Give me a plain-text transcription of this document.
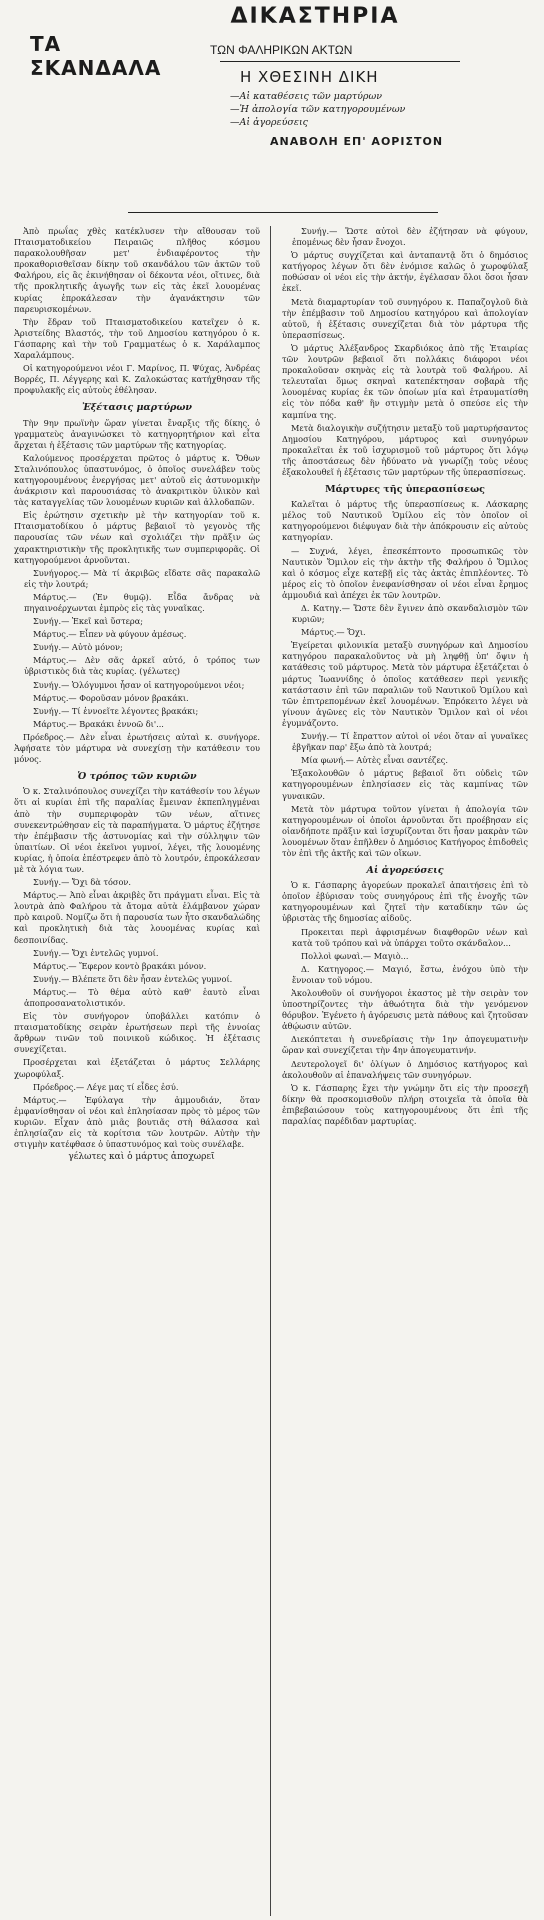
ΔΙΚΑΣΤΗΡΙΑ
ΤΑ ΣΚΑΝΔΑΛΑ
ΤΩΝ ΦΑΛΗΡΙΚΩΝ ΑΚΤΩΝ
Η ΧΘΕΣΙΝΗ ΔΙΚΗ
—Αἱ καταθέσεις τῶν μαρτύρων
—Ἡ ἀπολογία τῶν κατηγορουμένων
—Αἱ ἀγορεύσεις
ΑΝΑΒΟΛΗ ΕΠ' ΑΟΡΙΣΤΟΝ

Ἀπὸ πρωΐας χθὲς κατέκλυσεν τὴν αἴθουσαν τοῦ Πταισματοδικείου Πειραιῶς πλῆθος κόσμου παρακολουθῆσαν μετ' ἐνδιαφέροντος τὴν προκαθορισθεῖσαν δίκην τοῦ σκανδάλου τῶν ἀκτῶν τοῦ Φαλήρου, εἰς ἃς ἐκινήθησαν οἱ δέκοντα νέοι, οἵτινες, διὰ τῆς προκλητικῆς ἀγωγῆς των εἰς τὰς ἐκεῖ λουομένας κυρίας ἐπροκάλεσαν τὴν ἀγανάκτησιν τῶν παρευρισκομένων.

Τὴν ἕδραν τοῦ Πταισματοδικείου κατεῖχεν ὁ κ. Ἀριστείδης Βλαστός, τὴν τοῦ Δημοσίου κατηγόρου ὁ κ. Γάσπαρης καὶ τὴν τοῦ Γραμματέως ὁ κ. Χαράλαμπος Χαραλάμπους.

Οἱ κατηγορούμενοι νέοι Γ. Μαρίνος, Π. Ψύχας, Ἀνδρέας Βορρές, Π. Λέγγερης καὶ Κ. Ζαλοκώστας κατήχθησαν τῆς προφυλακῆς εἰς αὐτοὺς ἐθέλησαν.

Ἐξέτασις μαρτύρων

Τὴν 9ην πρωϊνὴν ὥραν γίνεται ἔναρξις τῆς δίκης. ὁ γραμματεὺς ἀναγινώσκει τὸ κατηγορητήριον καὶ εἶτα ἄρχεται ἡ ἐξέτασις τῶν μαρτύρων τῆς κατηγορίας.

Καλούμενος προσέρχεται πρῶτος ὁ μάρτυς κ. Ὄθων Σταλινόπουλος ὑπαστυνόμος, ὁ ὁποῖος συνελάβεν τοὺς κατηγορουμένους ἐνεργήσας μετ' αὐτοῦ εἰς ἀστυνομικὴν ἀνάκρισιν καὶ παρουσιάσας τὸ ἀνακριτικὸν ὑλικὸν καὶ τὰς καταγγελίας τῶν λουομένων κυριῶν καὶ ἀλλοδαπῶν.

Εἰς ἐρώτησιν σχετικὴν μὲ τὴν κατηγορίαν τοῦ κ. Πταισματοδίκου ὁ μάρτυς βεβαιοῖ τὸ γεγονὸς τῆς παρουσίας τῶν νέων καὶ σχολιάζει τὴν πρᾶξιν ὡς χαρακτηριστικὴν τῆς προκλητικῆς των συμπεριφορᾶς. Οἱ κατηγορούμενοι ἀρνοῦνται.

Συνήγορος.— Μὰ τί ἀκριβῶς εἴδατε σᾶς παρακαλῶ εἰς τὴν λουτρά;

Μάρτυς.— (Ἐν θυμῷ). Εἶδα ἄνδρας νὰ πηγαινοέρχωνται ἐμπρὸς εἰς τὰς γυναῖκας.

Συνήγ.— Ἐκεῖ καὶ ὕστερα;

Μάρτυς.— Εἶπεν νὰ φύγουν ἀμέσως.

Συνήγ.— Αὐτὸ μόνον;

Μάρτυς.— Δὲν σᾶς ἀρκεῖ αὐτό, ὁ τρόπος των ὑβριστικὸς διὰ τὰς κυρίας. (γέλωτες)

Συνήγ.— Ὁλόγυμνοι ἦσαν οἱ κατηγορούμενοι νέοι;

Μάρτυς.— Φοροῦσαν μόνον βρακάκι.

Συνήγ.— Τί ἐννοεῖτε λέγοντες βρακάκι;

Μάρτυς.— Βρακάκι ἐννοῶ δι'...

Πρόεδρος.— Δὲν εἶναι ἐρωτήσεις αὐταὶ κ. συνήγορε. Ἀφήσατε τὸν μάρτυρα νὰ συνεχίσῃ τὴν κατάθεσιν του μόνος.

Ὁ τρόπος τῶν κυριῶν

Ὁ κ. Σταλινόπουλος συνεχίζει τὴν κατάθεσίν του λέγων ὅτι αἱ κυρίαι ἐπὶ τῆς παραλίας ἔμειναν ἐκπεπληγμέναι ἀπὸ τὴν συμπεριφορὰν τῶν νέων, αἵτινες συνεκεντρώθησαν εἰς τὰ παραπήγματα. Ὁ μάρτυς ἐζήτησε τὴν ἐπέμβασιν τῆς ἀστυνομίας καὶ τὴν σύλληψιν τῶν ὑπαιτίων. Οἱ νέοι ἐκεῖνοι γυμνοί, λέγει, τῆς λουομένης κυρίας, ἡ ὁποία ἐπέστρεφεν ἀπὸ τὸ λουτρόν, ἐπροκάλεσαν μὲ τὰ λόγια των.

Συνήγ.— Ὄχι δὰ τόσον.

Μάρτυς.— Ἀπὸ εἶναι ἀκριβὲς ὅτι πράγματι εἶναι. Εἰς τὰ λουτρὰ ἀπὸ Φαλήρου τὰ ἄτομα αὐτὰ ἐλάμβανον χώραν πρὸ καιροῦ. Νομίζω ὅτι ἡ παρουσία των ἦτο σκανδαλώδης καὶ προκλητικὴ διὰ τὰς λουομένας κυρίας καὶ δεσποινίδας.

Συνήγ.— Ὄχι ἐντελῶς γυμνοί.

Μάρτυς.— Ἔφερον κοντὸ βρακάκι μόνον.

Συνήγ.— Βλέπετε ὅτι δὲν ἦσαν ἐντελῶς γυμνοί.

Μάρτυς.— Τὸ θέμα αὐτὸ καθ' ἑαυτὸ εἶναι ἀποπροσανατολιστικόν.

Εἰς τὸν συνήγορον ὑποβάλλει κατόπιν ὁ πταισματοδίκης σειρὰν ἐρωτήσεων περὶ τῆς ἐννοίας ἄρθρων τινῶν τοῦ ποινικοῦ κώδικος. Ἡ ἐξέτασις συνεχίζεται.

Προσέρχεται καὶ ἐξετάζεται ὁ μάρτυς Σελλάρης χωροφύλαξ.

Πρόεδρος.— Λέγε μας τί εἶδες ἐσύ.

Μάρτυς.— Ἐφύλαγα τὴν ἀμμουδιάν, ὅταν ἐμφανίσθησαν οἱ νέοι καὶ ἐπλησίασαν πρὸς τὸ μέρος τῶν κυριῶν. Εἶχαν ἀπὸ μιᾶς βουτιᾶς στὴ θάλασσα καὶ ἐπλησίαζαν εἰς τὰ κορίτσια τῶν λουτρῶν. Αὐτὴν τὴν στιγμὴν κατέφθασε ὁ ὑπαστυνόμος καὶ τοὺς συνέλαβε.

γέλωτες καὶ ὁ μάρτυς ἀποχωρεῖ

Συνήγ.— Ὥστε αὐτοὶ δὲν ἐζήτησαν νὰ φύγουν, ἐπομένως δὲν ἦσαν ἔνοχοι.

Ὁ μάρτυς συγχίζεται καὶ ἀνταπαντᾷ ὅτι ὁ δημόσιος κατήγορος λέγων ὅτι δὲν ἐνόμισε καλῶς ὁ χωροφύλαξ ποθώσαν οἱ νέοι εἰς τὴν ἀκτήν, ἐγέλασαν ὅλοι ὅσοι ἦσαν ἐκεῖ.

Μετὰ διαμαρτυρίαν τοῦ συνηγόρου κ. Παπαζογλοῦ διὰ τὴν ἐπέμβασιν τοῦ Δημοσίου κατηγόρου καὶ ἀπολογίαν αὐτοῦ, ἡ ἐξέτασις συνεχίζεται διὰ τὸν μάρτυρα τῆς ὑπερασπίσεως.

Ὁ μάρτυς Ἀλέξανδρος Σκαρδιόκος ἀπὸ τῆς Ἑταιρίας τῶν λουτρῶν βεβαιοῖ ὅτι πολλάκις διάφοροι νέοι προκαλοῦσαν σκηνὰς εἰς τὰ λουτρὰ τοῦ Φαλήρου. Αἱ τελευταῖαι ὅμως σκηναὶ κατεπέκτησαν σοβαρὰ τῆς λουομένας κυρίας ἐκ τῶν ὁποίων μία καὶ ἐτραυματίσθη εἰς τὸν πόδα καθ' ἣν στιγμὴν μετὰ ὁ σπεύσε εἰς τὴν καμπίνα της.

Μετὰ διαλογικὴν συζήτησιν μεταξὺ τοῦ μαρτυρήσαντος Δημοσίου Κατηγόρου, μάρτυρος καὶ συνηγόρων προκαλεῖται ἐκ τοῦ ἰσχυρισμοῦ τοῦ μάρτυρος ὅτι λόγῳ τῆς ἀποστάσεως δὲν ἠδύνατο νὰ γνωρίζῃ τοὺς νέους ἐξακολουθεῖ ἡ ἐξέτασις τῶν μαρτύρων τῆς ὑπερασπίσεως.

Μάρτυρες τῆς ὑπερασπίσεως

Καλεῖται ὁ μάρτυς τῆς ὑπερασπίσεως κ. Λάσκαρης μέλος τοῦ Ναυτικοῦ Ὁμίλου εἰς τὸν ὁποῖον οἱ κατηγορούμενοι διέφυγαν διὰ τὴν ἀπόκρουσιν εἰς αὐτοὺς κατηγορίαν.

— Συχνά, λέγει, ἐπεσκέπτοντο προσωπικῶς τὸν Ναυτικὸν Ὅμιλον εἰς τὴν ἀκτὴν τῆς Φαλήρου ὁ Ὅμιλος καὶ ὁ κόσμος εἶχε κατεβῇ εἰς τὰς ἀκτὰς ἐπιπλέοντες. Τὸ μέρος εἰς τὸ ὁποῖον ἐνεφανίσθησαν οἱ νέοι εἶναι ἔρημος ἀμμουδιά καὶ ἀπέχει ἐκ τῶν λουτρῶν.

Δ. Κατηγ.— Ὥστε δὲν ἔγινεν ἀπὸ σκανδαλισμὸν τῶν κυριῶν;

Μάρτυς.— Ὄχι.

Ἐγείρεται φιλονικία μεταξὺ συνηγόρων καὶ Δημοσίου κατηγόρου παρακαλοῦντος νὰ μὴ ληφθῇ ὑπ' ὄψιν ἡ κατάθεσις τοῦ μάρτυρος. Μετὰ τὸν μάρτυρα ἐξετάζεται ὁ μάρτυς Ἰωαννίδης ὁ ὁποῖος κατάθεσεν περὶ γενικῆς κατάστασιν ἐπὶ τῶν παραλιῶν τοῦ Ναυτικοῦ Ὁμίλου καὶ τῶν ἐπιτρεπομένων ἐκεῖ λουομένων. Ἐπρόκειτο λέγει νὰ γίνουν ἀγῶνες εἰς τὸν Ναυτικὸν Ὅμιλον καὶ οἱ νέοι ἐγυμνάζοντο.

Συνήγ.— Τί ἔπραττον αὐτοὶ οἱ νέοι ὅταν αἱ γυναῖκες ἐβγῆκαν παρ' ἔξω ἀπὸ τὰ λουτρά;

Μία φωνή.— Αὐτὲς εἶναι σαντέζες.

Ἐξακολουθῶν ὁ μάρτυς βεβαιοῖ ὅτι οὐδεὶς τῶν κατηγορουμένων ἐπλησίασεν εἰς τὰς καμπίνας τῶν γυναικῶν.

Μετὰ τὸν μάρτυρα τοῦτον γίνεται ἡ ἀπολογία τῶν κατηγορουμένων οἱ ὁποῖοι ἀρνοῦνται ὅτι προέβησαν εἰς οἱανδήποτε πρᾶξιν καὶ ἰσχυρίζονται ὅτι ἦσαν μακρὰν τῶν λουομένων ὅταν ἐπῆλθεν ὁ Δημόσιος Κατήγορος ἐπιδοθεὶς τὸν ἐπὶ τῆς ἀκτῆς καὶ τῶν οἴκων.

Αἱ ἀγορεύσεις

Ὁ κ. Γάσπαρης ἀγορεύων προκαλεῖ ἀπαιτήσεις ἐπὶ τὸ ὁποῖον ἐβύρισαν τοὺς συνηγόρους ἐπὶ τῆς ἐνοχῆς τῶν κατηγορουμένων καὶ ζητεῖ τὴν καταδίκην τῶν ὡς ὑβριστὰς τῆς δημοσίας αἰδοῦς.

Προκειται περὶ ἀφρισμένων διαφθορῶν νέων καὶ κατὰ τοῦ τρόπου καὶ νὰ ὑπάρχει τοῦτο σκάνδαλον...

Πολλοὶ φωναὶ.— Μαγιὸ...

Δ. Κατηγορος.— Μαγιό, ἔστω, ἐνόχου ὑπὸ τὴν ἔννοιαν τοῦ νόμου.

Ἀκολουθοῦν οἱ συνήγοροι ἐκαστος μὲ τὴν σειρὰν τον ὑποστηρίζοντες τὴν ἀθωότητα διὰ τὴν γενόμενον θόρυβον. Ἐγένετο ἡ ἀγόρευσις μετὰ πάθους καὶ ζητοῦσαν ἀθῴωσιν αὐτῶν.

Διεκόπτεται ἡ συνεδρίασις τὴν 1ην ἀπογευματινὴν ὥραν καὶ συνεχίζεται τὴν 4ην ἀπογευματινήν.

Δευτερολογεῖ δι' ὀλίγων ὁ Δημόσιος κατήγορος καὶ ἀκολουθοῦν αἱ ἐπαναλήψεις τῶν συνηγόρων.

Ὁ κ. Γάσπαρης ἔχει τὴν γνώμην ὅτι εἰς τὴν προσεχῆ δίκην θὰ προσκομισθοῦν πλήρη στοιχεῖα τὰ ὁποῖα θὰ ἐπιβεβαιώσουν τοὺς κατηγορουμένους ὅτι ἐπὶ τῆς παραλίας παρέδιδαν μαρτυρίας.
